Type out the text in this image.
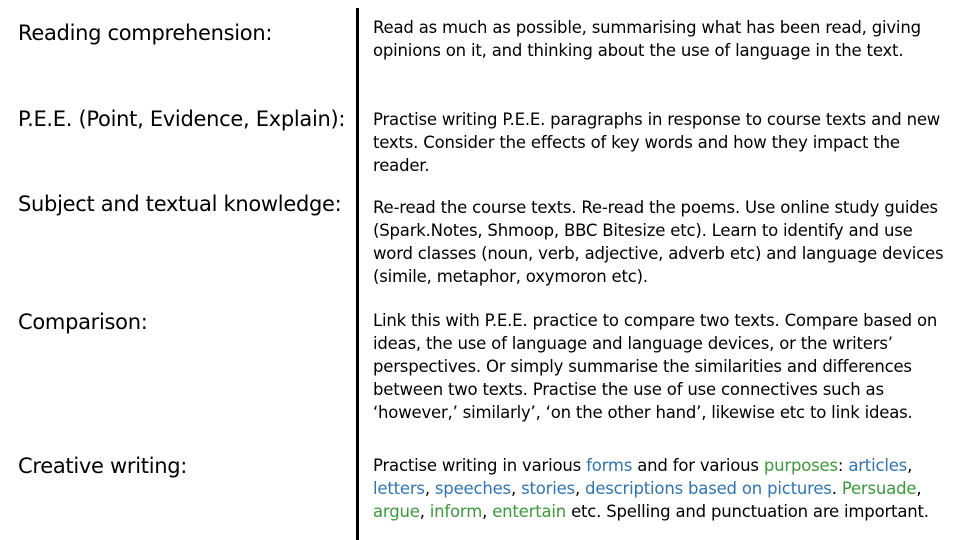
Reading comprehension:	Read as much as possible, summarising what has been read, giving opinions on it, and thinking about the use of language in the text.
P.E.E. (Point, Evidence, Explain): Practise writing P.E.E. paragraphs in response to course texts and new texts. Consider the effects of key words and how they impact the reader.
Subject and textual knowledge: Re-read the course texts. Re-read the poems. Use online study guides (Spark.Notes, Shmoop, BBC Bitesize etc). Learn to identify and use word classes (noun, verb, adjective, adverb etc) and language devices (simile, metaphor, oxymoron etc).
Comparison:	Link this with P.E.E. practice to compare two texts. Compare based on ideas, the use of language and language devices, or the writers’ perspectives. Or simply summarise the similarities and differences between two texts. Practise the use of use connectives such as ‘however,’ similarly’, ‘on the other hand’, likewise etc to link ideas.
Creative writing:	Practise writing in various forms and for various purposes: articles, letters, speeches, stories, descriptions based on pictures. Persuade, argue, inform, entertain etc. Spelling and punctuation are important.
